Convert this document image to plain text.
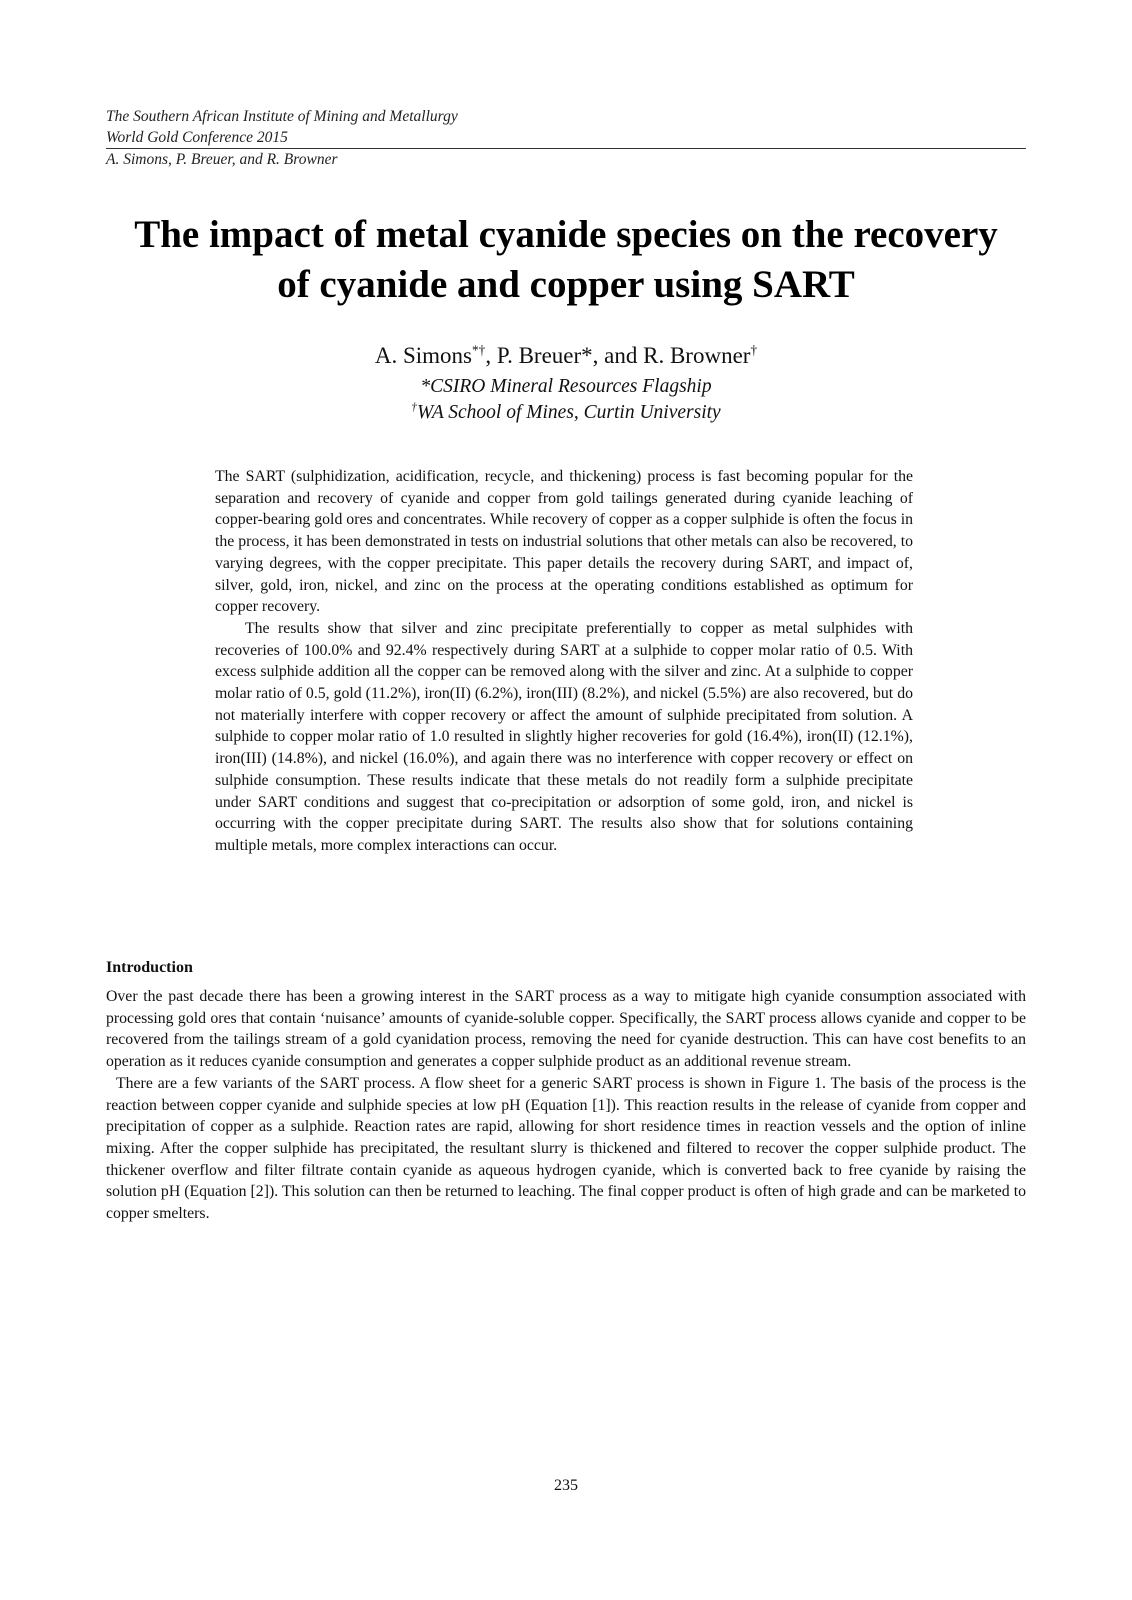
The Southern African Institute of Mining and Metallurgy
World Gold Conference 2015
A. Simons, P. Breuer, and R. Browner
The impact of metal cyanide species on the recovery
of cyanide and copper using SART
A. Simons*†, P. Breuer*, and R. Browner†
*CSIRO Mineral Resources Flagship
†WA School of Mines, Curtin University

The SART (sulphidization, acidification, recycle, and thickening) process is fast becoming popular for the separation and recovery of cyanide and copper from gold tailings generated during cyanide leaching of copper-bearing gold ores and concentrates. While recovery of copper as a copper sulphide is often the focus in the process, it has been demonstrated in tests on industrial solutions that other metals can also be recovered, to varying degrees, with the copper precipitate. This paper details the recovery during SART, and impact of, silver, gold, iron, nickel, and zinc on the process at the operating conditions established as optimum for copper recovery.

The results show that silver and zinc precipitate preferentially to copper as metal sulphides with recoveries of 100.0% and 92.4% respectively during SART at a sulphide to copper molar ratio of 0.5. With excess sulphide addition all the copper can be removed along with the silver and zinc. At a sulphide to copper molar ratio of 0.5, gold (11.2%), iron(II) (6.2%), iron(III) (8.2%), and nickel (5.5%) are also recovered, but do not materially interfere with copper recovery or affect the amount of sulphide precipitated from solution. A sulphide to copper molar ratio of 1.0 resulted in slightly higher recoveries for gold (16.4%), iron(II) (12.1%), iron(III) (14.8%), and nickel (16.0%), and again there was no interference with copper recovery or effect on sulphide consumption. These results indicate that these metals do not readily form a sulphide precipitate under SART conditions and suggest that co-precipitation or adsorption of some gold, iron, and nickel is occurring with the copper precipitate during SART. The results also show that for solutions containing multiple metals, more complex interactions can occur.

Introduction

Over the past decade there has been a growing interest in the SART process as a way to mitigate high cyanide consumption associated with processing gold ores that contain ‘nuisance’ amounts of cyanide-soluble copper. Specifically, the SART process allows cyanide and copper to be recovered from the tailings stream of a gold cyanidation process, removing the need for cyanide destruction. This can have cost benefits to an operation as it reduces cyanide consumption and generates a copper sulphide product as an additional revenue stream.

There are a few variants of the SART process. A flow sheet for a generic SART process is shown in Figure 1. The basis of the process is the reaction between copper cyanide and sulphide species at low pH (Equation [1]). This reaction results in the release of cyanide from copper and precipitation of copper as a sulphide. Reaction rates are rapid, allowing for short residence times in reaction vessels and the option of inline mixing. After the copper sulphide has precipitated, the resultant slurry is thickened and filtered to recover the copper sulphide product. The thickener overflow and filter filtrate contain cyanide as aqueous hydrogen cyanide, which is converted back to free cyanide by raising the solution pH (Equation [2]). This solution can then be returned to leaching. The final copper product is often of high grade and can be marketed to copper smelters.

235
